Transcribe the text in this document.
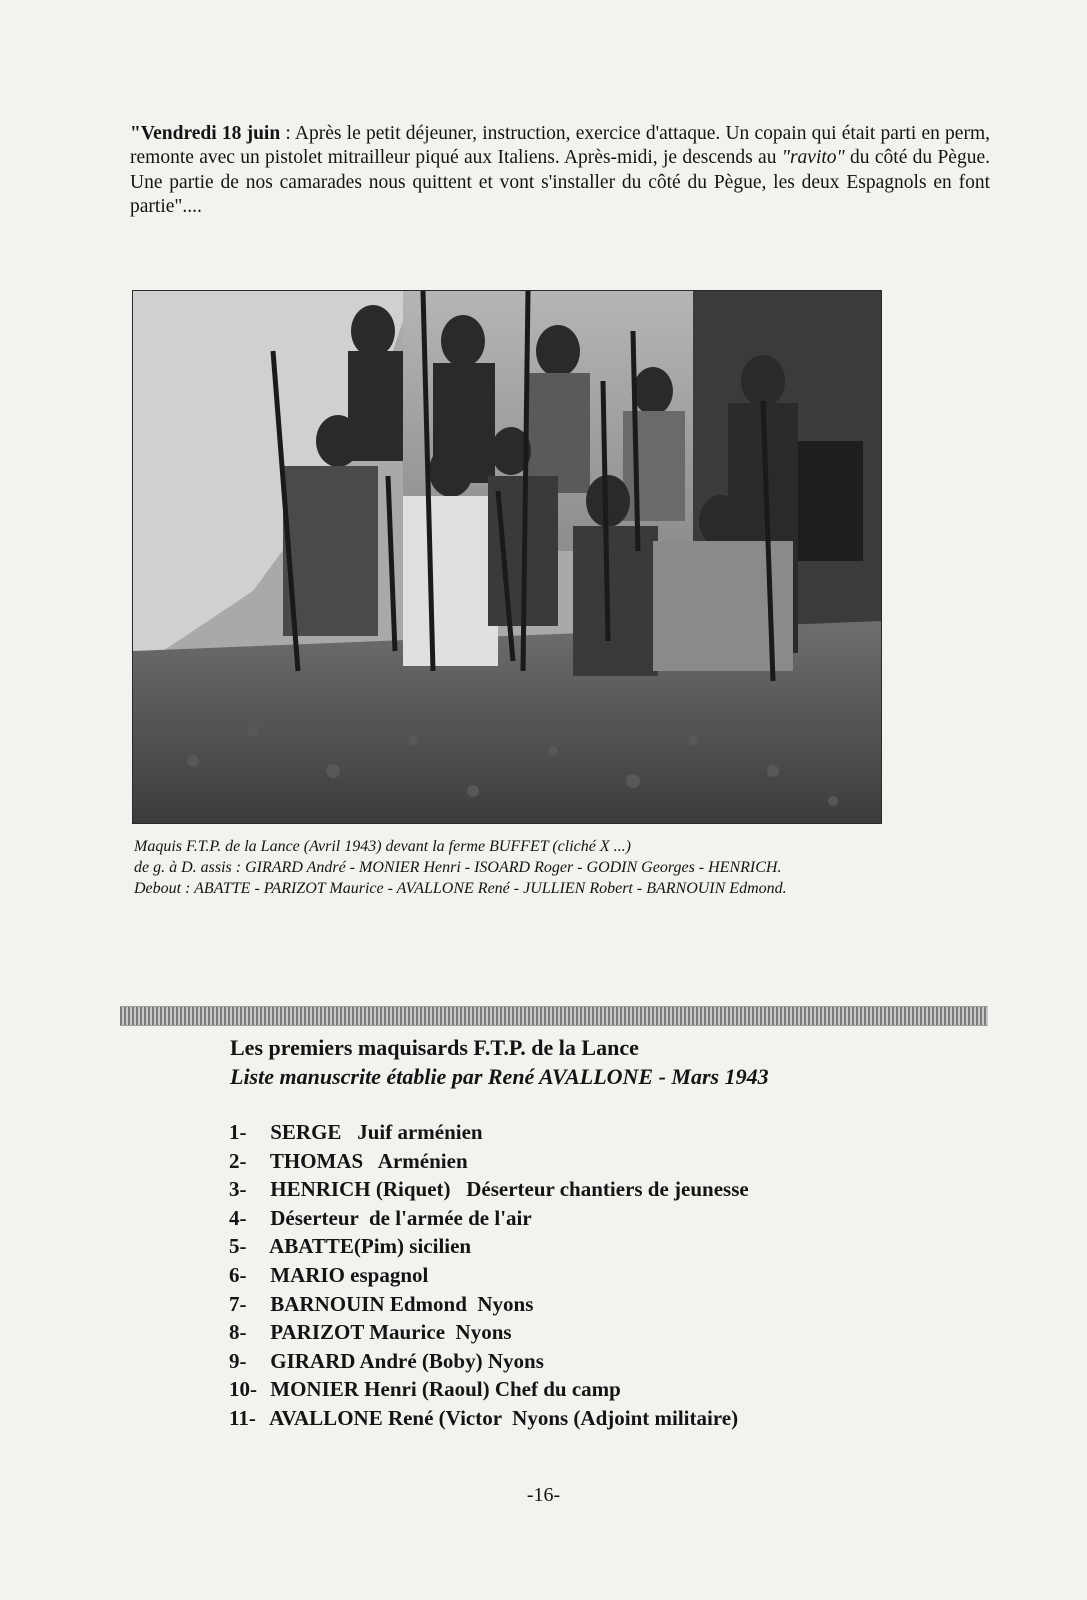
"Vendredi 18 juin : Après le petit déjeuner, instruction, exercice d'attaque. Un copain qui était parti en perm, remonte avec un pistolet mitrailleur piqué aux Italiens. Après-midi, je descends au "ravito" du côté du Pègue. Une partie de nos camarades nous quittent et vont s'installer du côté du Pègue, les deux Espagnols en font partie"....

Maquis F.T.P. de la Lance (Avril 1943) devant la ferme BUFFET (cliché X ...)
de g. à D. assis : GIRARD André - MONIER Henri - ISOARD Roger - GODIN Georges - HENRICH.
Debout : ABATTE - PARIZOT Maurice - AVALLONE René - JULLIEN Robert - BARNOUIN Edmond.
Les premiers maquisards F.T.P. de la Lance
Liste manuscrite établie par René AVALLONE - Mars 1943
1- SERGE   Juif arménien
2- THOMAS   Arménien
3- HENRICH (Riquet)   Déserteur chantiers de jeunesse
4- Déserteur  de l'armée de l'air
5- ABATTE(Pim) sicilien
6- MARIO espagnol
7- BARNOUIN Edmond  Nyons
8- PARIZOT Maurice  Nyons
9- GIRARD André (Boby) Nyons
10- MONIER Henri (Raoul) Chef du camp
11- AVALLONE René (Victor  Nyons (Adjoint militaire)
-16-
